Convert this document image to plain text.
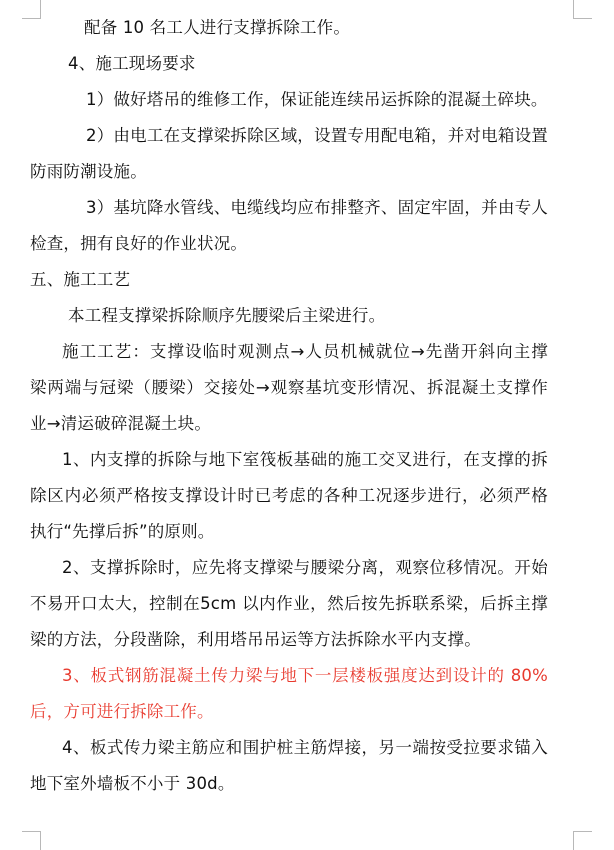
配备 10 名工人进行支撑拆除工作。
4、施工现场要求
1）做好塔吊的维修工作，保证能连续吊运拆除的混凝土碎块。
2）由电工在支撑梁拆除区域，设置专用配电箱，并对电箱设置
防雨防潮设施。
3）基坑降水管线、电缆线均应布排整齐、固定牢固，并由专人
检查，拥有良好的作业状况。
五、施工工艺
本工程支撑梁拆除顺序先腰梁后主梁进行。
施工工艺：支撑设临时观测点→人员机械就位→先凿开斜向主撑
梁两端与冠梁（腰梁）交接处→观察基坑变形情况、拆混凝土支撑作
业→清运破碎混凝土块。
1、内支撑的拆除与地下室筏板基础的施工交叉进行，在支撑的拆
除区内必须严格按支撑设计时已考虑的各种工况逐步进行，必须严格
执行“先撑后拆”的原则。
2、支撑拆除时，应先将支撑梁与腰梁分离，观察位移情况。开始
不易开口太大，控制在5cm 以内作业，然后按先拆联系梁，后拆主撑
梁的方法，分段凿除，利用塔吊吊运等方法拆除水平内支撑。
3、板式钢筋混凝土传力梁与地下一层楼板强度达到设计的 80%
后，方可进行拆除工作。
4、板式传力梁主筋应和围护桩主筋焊接，另一端按受拉要求锚入
地下室外墙板不小于 30d。
